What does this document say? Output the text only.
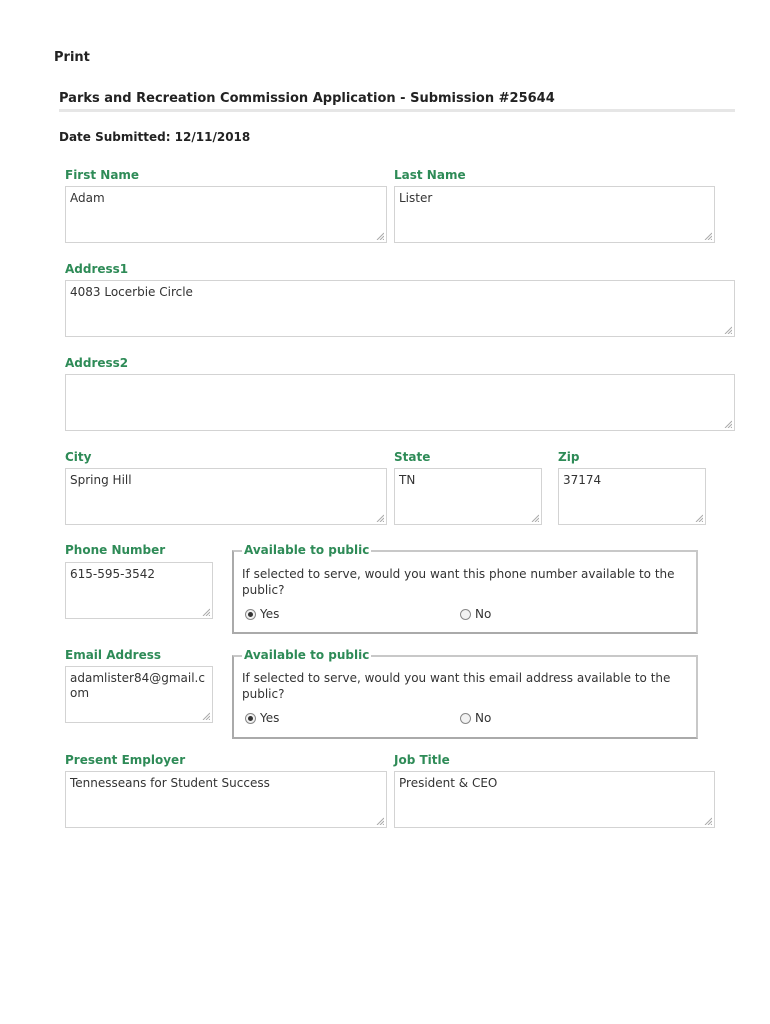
Print
Parks and Recreation Commission Application - Submission #25644
Date Submitted: 12/11/2018
First Name
Adam
Last Name
Lister
Address1
4083 Locerbie Circle
Address2
City
Spring Hill
State
TN
Zip
37174
Phone Number
615-595-3542
Available to public
If selected to serve, would you want this phone number available to the public?
Yes	No
Email Address
adamlister84@gmail.com
Available to public
If selected to serve, would you want this email address available to the public?
Yes	No
Present Employer
Tennesseans for Student Success
Job Title
President & CEO
